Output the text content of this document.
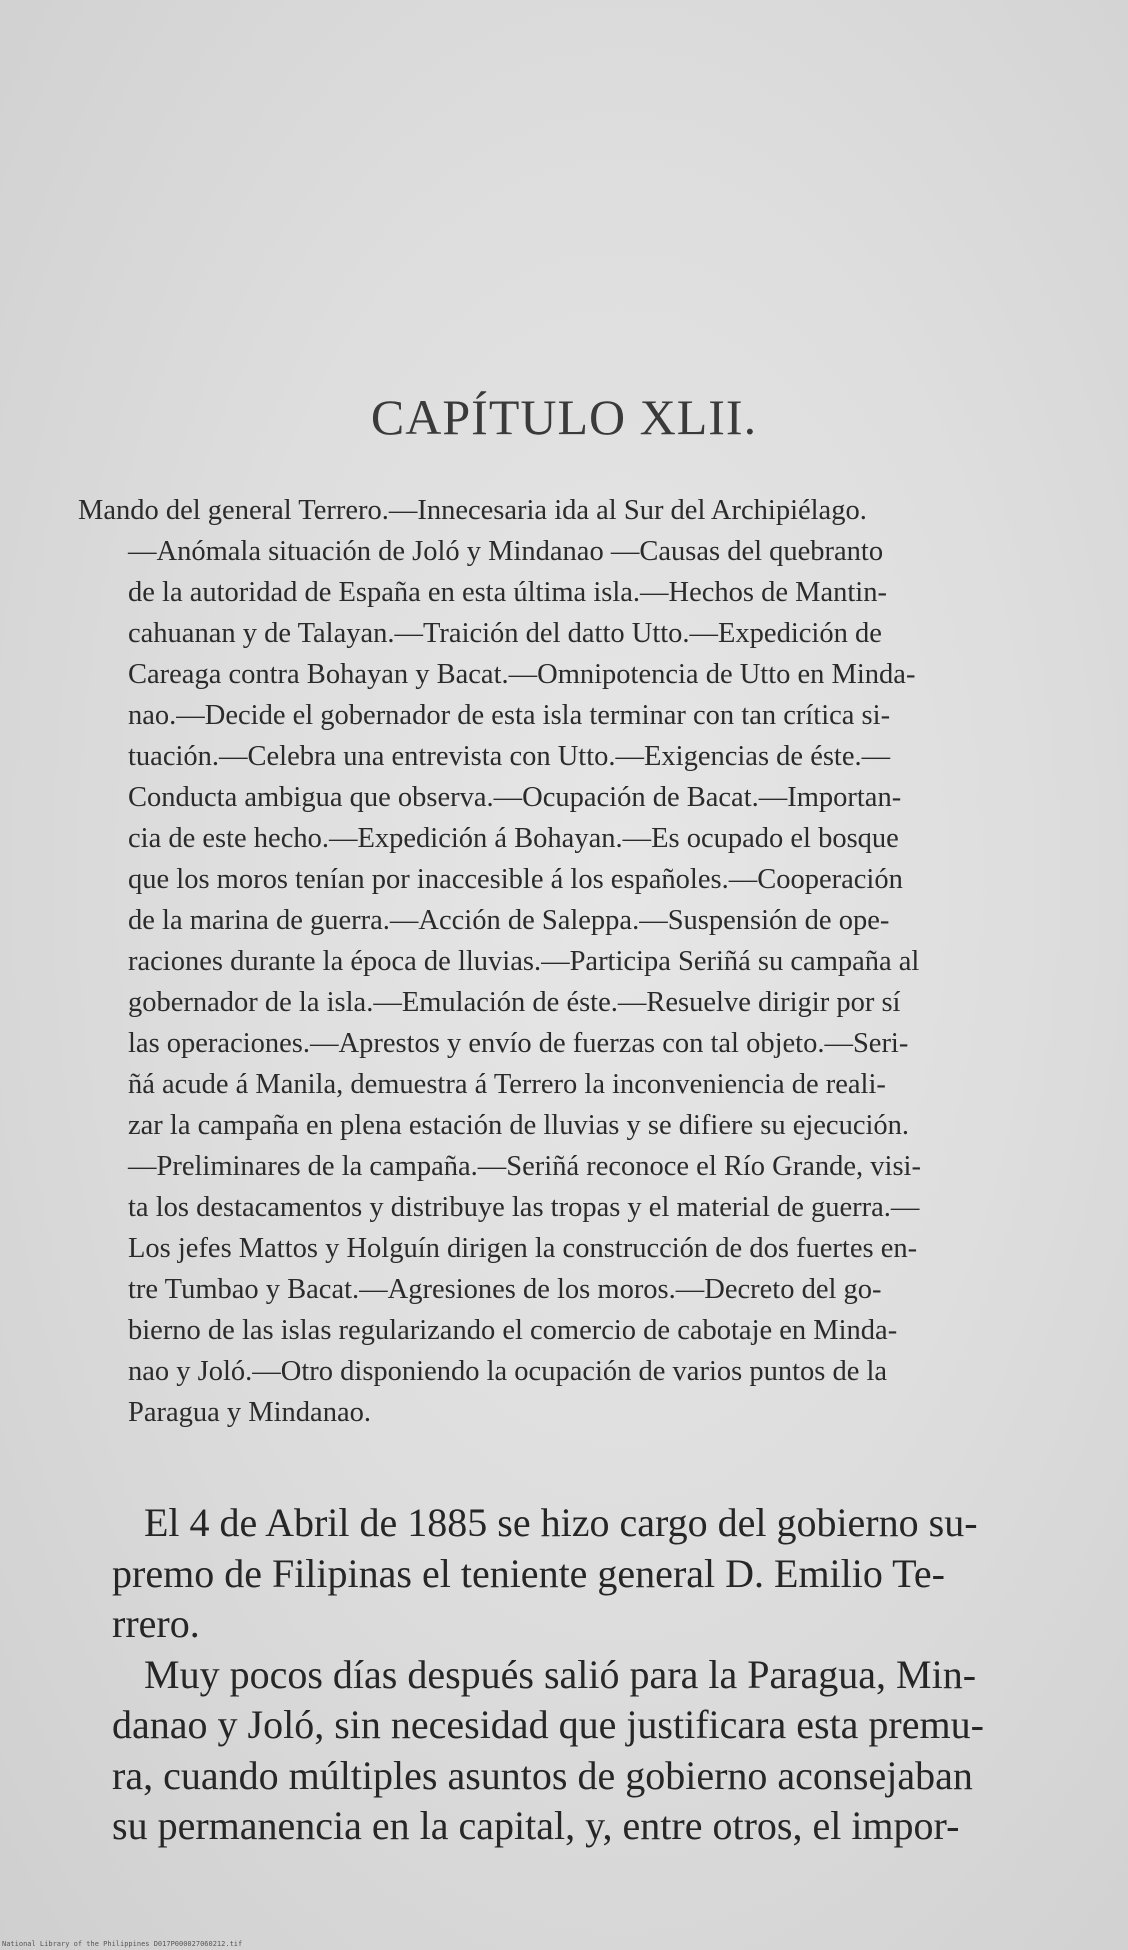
CAPÍTULO XLII.
Mando del general Terrero.—Innecesaria ida al Sur del Archipiélago.
—Anómala situación de Joló y Mindanao —Causas del quebranto
de la autoridad de España en esta última isla.—Hechos de Mantin-
cahuanan y de Talayan.—Traición del datto Utto.—Expedición de
Careaga contra Bohayan y Bacat.—Omnipotencia de Utto en Minda-
nao.—Decide el gobernador de esta isla terminar con tan crítica si-
tuación.—Celebra una entrevista con Utto.—Exigencias de éste.—
Conducta ambigua que observa.—Ocupación de Bacat.—Importan-
cia de este hecho.—Expedición á Bohayan.—Es ocupado el bosque
que los moros tenían por inaccesible á los españoles.—Cooperación
de la marina de guerra.—Acción de Saleppa.—Suspensión de ope-
raciones durante la época de lluvias.—Participa Seriñá su campaña al
gobernador de la isla.—Emulación de éste.—Resuelve dirigir por sí
las operaciones.—Aprestos y envío de fuerzas con tal objeto.—Seri-
ñá acude á Manila, demuestra á Terrero la inconveniencia de reali-
zar la campaña en plena estación de lluvias y se difiere su ejecución.
—Preliminares de la campaña.—Seriñá reconoce el Río Grande, visi-
ta los destacamentos y distribuye las tropas y el material de guerra.—
Los jefes Mattos y Holguín dirigen la construcción de dos fuertes en-
tre Tumbao y Bacat.—Agresiones de los moros.—Decreto del go-
bierno de las islas regularizando el comercio de cabotaje en Minda-
nao y Joló.—Otro disponiendo la ocupación de varios puntos de la
Paragua y Mindanao.
El 4 de Abril de 1885 se hizo cargo del gobierno su-
premo de Filipinas el teniente general D. Emilio Te-
rrero.
Muy pocos días después salió para la Paragua, Min-
danao y Joló, sin necesidad que justificara esta premu-
ra, cuando múltiples asuntos de gobierno aconsejaban
su permanencia en la capital, y, entre otros, el impor-
National Library of the Philippines D017P000027060212.tif
